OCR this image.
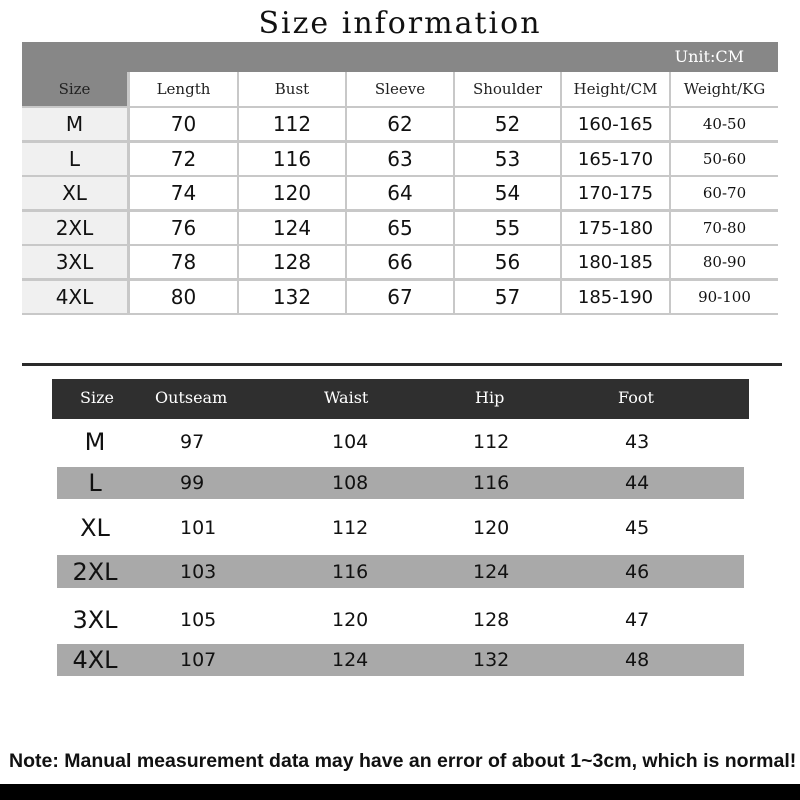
Size information
Unit:CM
Size	Length	Bust	Sleeve	Shoulder	Height/CM	Weight/KG
M	70	112	62	52	160-165	40-50
L	72	116	63	53	165-170	50-60
XL	74	120	64	54	170-175	60-70
2XL	76	124	65	55	175-180	70-80
3XL	78	128	66	56	180-185	80-90
4XL	80	132	67	57	185-190	90-100
Size	Outseam	Waist	Hip	Foot
M	97	104	112	43
L	99	108	116	44
XL	101	112	120	45
2XL	103	116	124	46
3XL	105	120	128	47
4XL	107	124	132	48
Note: Manual measurement data may have an error of about 1~3cm, which is normal!
